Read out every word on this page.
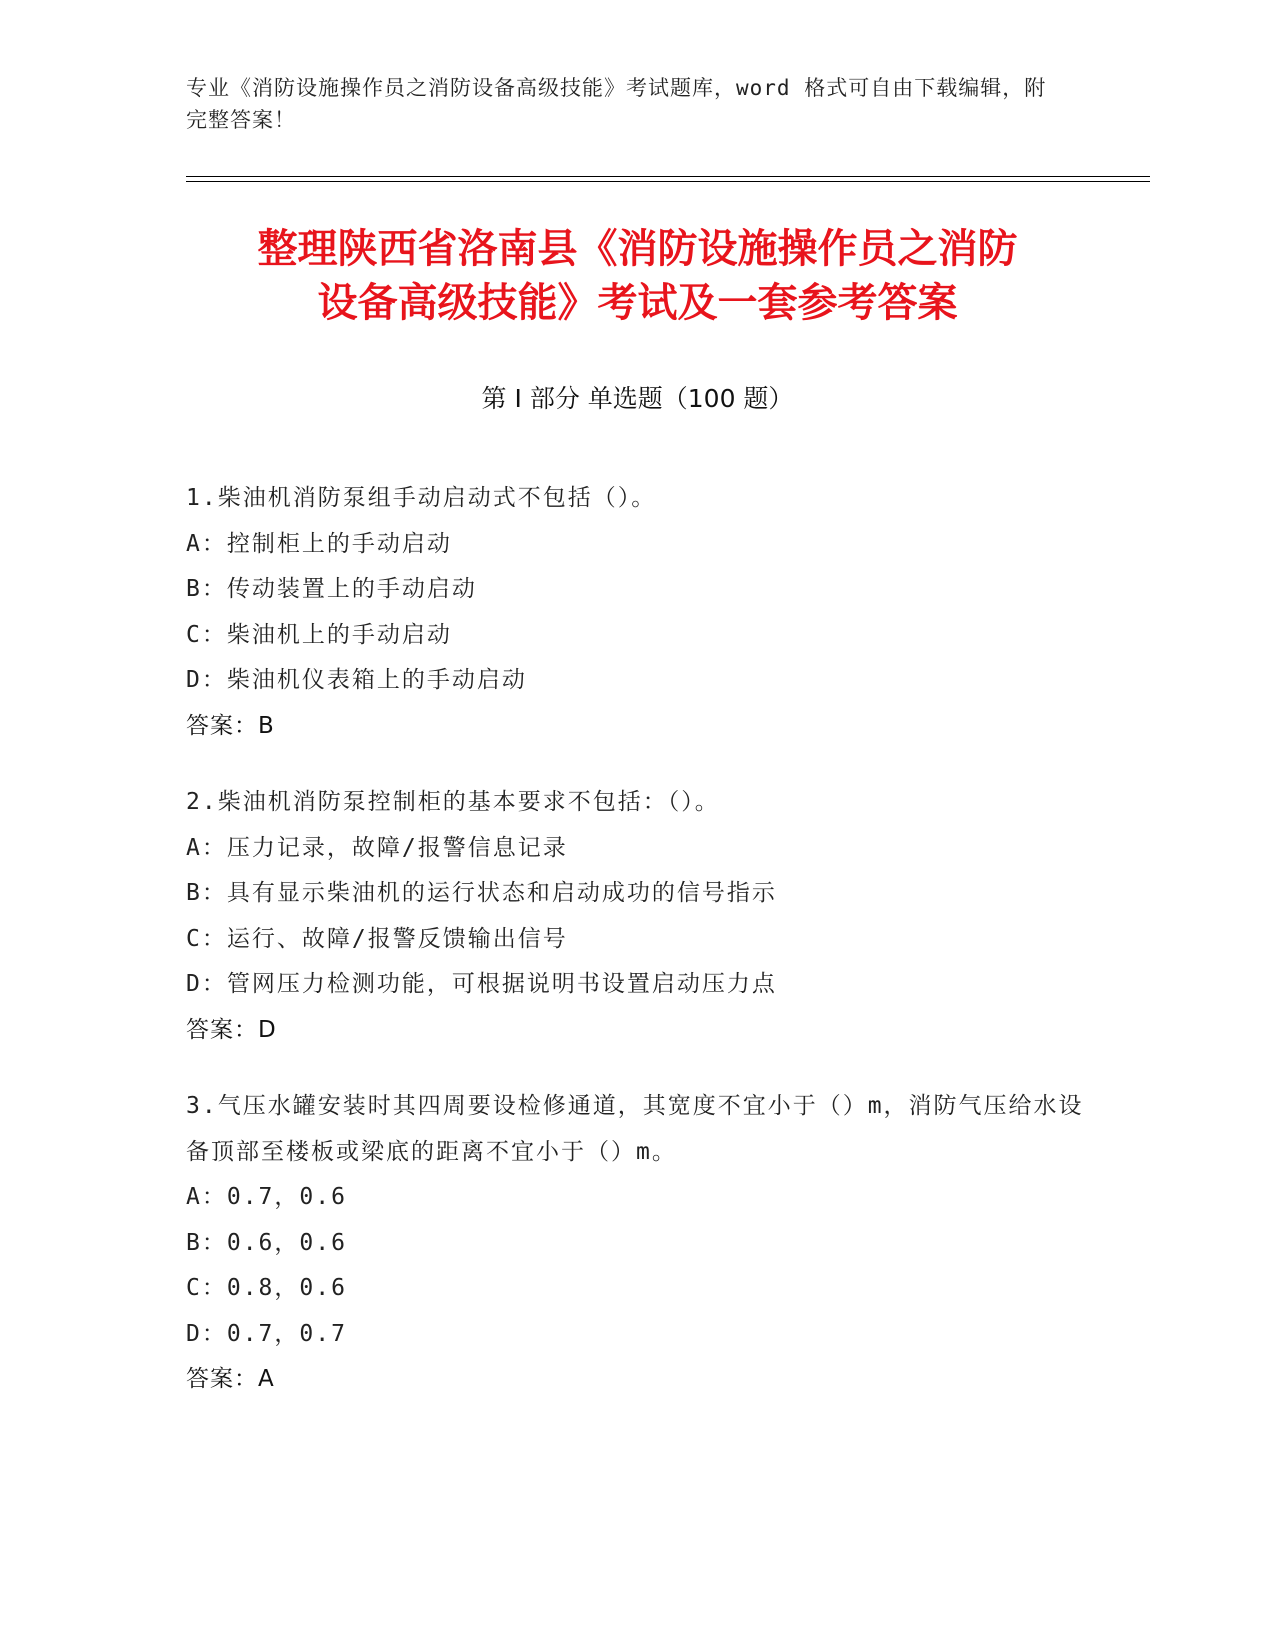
专业《消防设施操作员之消防设备高级技能》考试题库，word 格式可自由下载编辑，附完整答案！
整理陕西省洛南县《消防设施操作员之消防
设备高级技能》考试及一套参考答案
第 I 部分 单选题（100 题）
1.柴油机消防泵组手动启动式不包括（）。
A：控制柜上的手动启动
B：传动装置上的手动启动
C：柴油机上的手动启动
D：柴油机仪表箱上的手动启动
答案：B
2.柴油机消防泵控制柜的基本要求不包括：（）。
A：压力记录，故障/报警信息记录
B：具有显示柴油机的运行状态和启动成功的信号指示
C：运行、故障/报警反馈输出信号
D：管网压力检测功能，可根据说明书设置启动压力点
答案：D
3.气压水罐安装时其四周要设检修通道，其宽度不宜小于（）m，消防气压给水设备顶部至楼板或梁底的距离不宜小于（）m。
A：0.7，0.6
B：0.6，0.6
C：0.8，0.6
D：0.7，0.7
答案：A
